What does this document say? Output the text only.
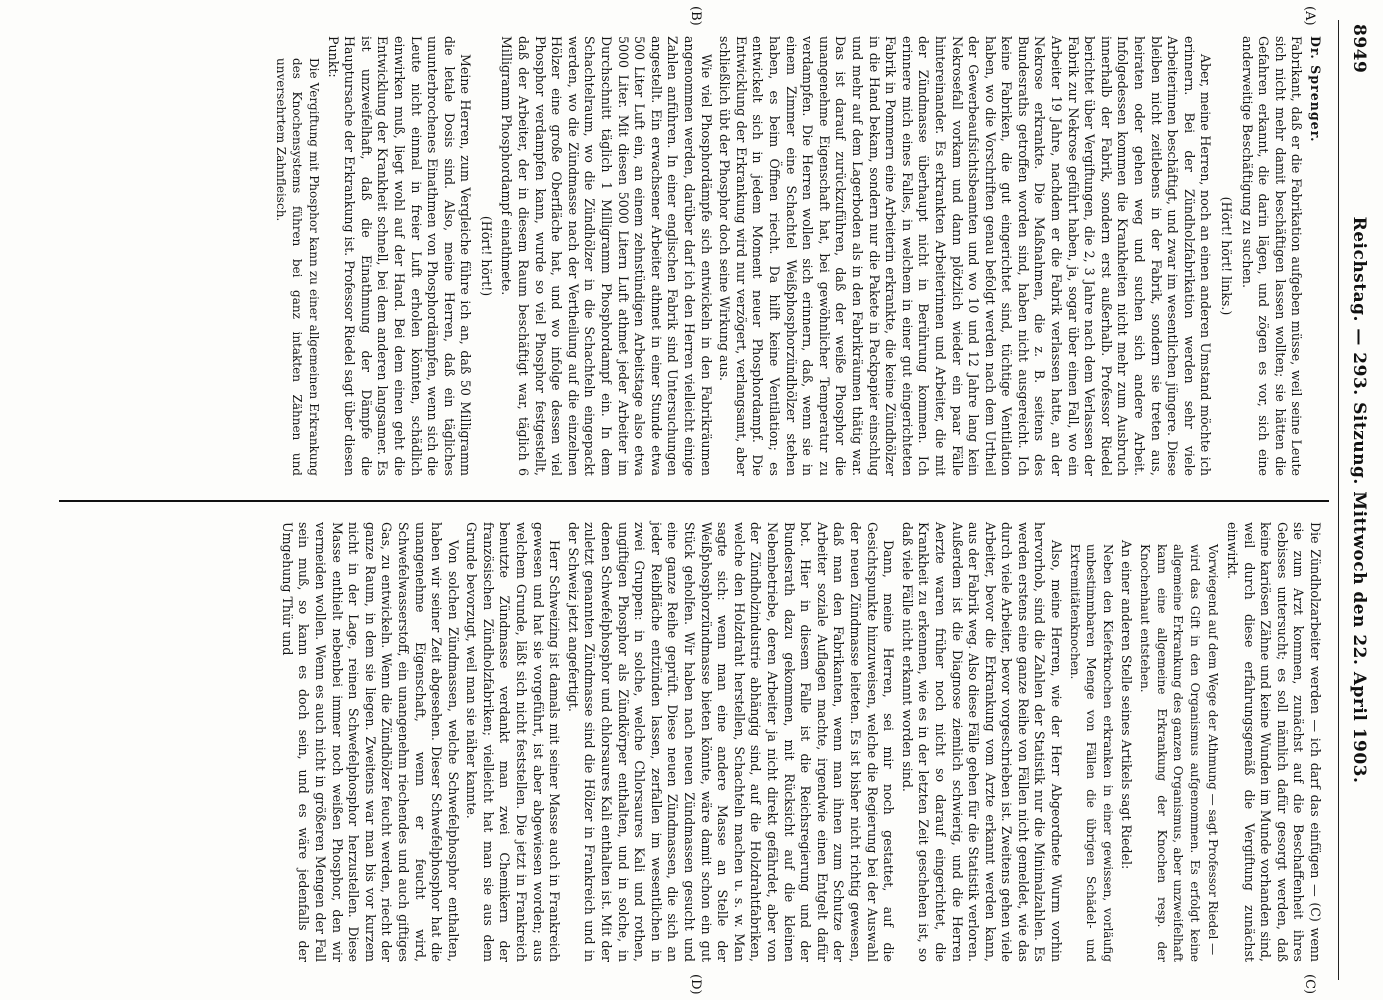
Reichstag. — 293. Sitzung. Mittwoch den 22. April 1903.
8949
(A)
(B)
(C)
(D)

Dr. Sprenger.

Fabrikant, daß er die Fabrikation aufgeben müsse, weil seine Leute sich nicht mehr damit beschäftigen lassen wollten; sie hätten die Gefahren erkannt, die darin lägen, und zögen es vor, sich eine anderweitige Beschäftigung zu suchen.

(Hört! hört! links.)

Aber, meine Herren, noch an einen anderen Umstand möchte ich erinnern. Bei der Zündholzfabrikation werden sehr viele Arbeiterinnen beschäftigt, und zwar im wesentlichen jüngere. Diese bleiben nicht zeitlebens in der Fabrik, sondern sie treten aus, heiraten oder gehen weg und suchen sich andere Arbeit. Infolgedessen kommen die Krankheiten nicht mehr zum Ausbruch innerhalb der Fabrik, sondern erst außerhalb. Professor Riedel berichtet über Vergiftungen, die 2, 3 Jahre nach dem Verlassen der Fabrik zur Nekrose geführt haben, ja, sogar über einen Fall, wo ein Arbeiter 19 Jahre, nachdem er die Fabrik verlassen hatte, an der Nekrose erkrankte. Die Maßnahmen, die z. B. seitens des Bundesraths getroffen worden sind, haben nicht ausgereicht. Ich keine Fabriken, die gut eingerichtet sind, tüchtige Ventilation haben, wo die Vorschriften genau befolgt werden nach dem Urtheil der Gewerbeaufsichtsbeamten und wo 10 und 12 Jahre lang kein Nekrosefall vorkam und dann plötzlich wieder ein paar Fälle hintereinander. Es erkrankten Arbeiterinnen und Arbeiter, die mit der Zündmasse überhaupt nicht in Berührung kommen. Ich erinnere mich eines Falles, in welchem in einer gut eingerichteten Fabrik in Pommern eine Arbeiterin erkrankte, die keine Zündhölzer in die Hand bekam, sondern nur die Pakete in Packpapier einschlug und mehr auf dem Lagerboden als in den Fabrikräumen thätig war. Das ist darauf zurückzuführen, daß der weiße Phosphor die unangenehme Eigenschaft hat, bei gewöhnlicher Temperatur zu verdampfen. Die Herren wollen sich erinnern, daß, wenn sie in einem Zimmer eine Schachtel Weißphosphorzündhölzer stehen haben, es beim Öffnen riecht. Da hilft keine Ventilation; es entwickelt sich in jedem Moment neuer Phosphordampf. Die Entwicklung der Erkrankung wird nur verzögert, verlangsamt, aber schließlich übt der Phosphor doch seine Wirkung aus.

Wie viel Phosphordämpfe sich entwickeln in den Fabrikräumen angenommen werden, darüber darf ich den Herren vielleicht einige Zahlen anführen. In einer englischen Fabrik sind Untersuchungen angestellt. Ein erwachsener Arbeiter athmet in einer Stunde etwa 500 Liter Luft ein, an einem zehnstündigen Arbeitstage also etwa 5000 Liter. Mit diesen 5000 Litern Luft athmet jeder Arbeiter im Durchschnitt täglich 1 Milligramm Phosphordampf ein. In dem Schachtelraum, wo die Zündhölzer in die Schachteln eingepackt werden, wo die Zündmasse nach der Vertheilung auf die einzelnen Hölzer eine große Oberfläche hat, und wo infolge dessen viel Phosphor verdampfen kann, wurde so viel Phosphor festgestellt, daß der Arbeiter, der in diesem Raum beschäftigt war, täglich 6 Milligramm Phosphordampf einathmete.

(Hört! hört!)

Meine Herren, zum Vergleiche führe ich an, daß 50 Milligramm die letale Dosis sind. Also, meine Herren, daß ein tägliches ununterbrochenes Einathmen von Phosphordämpfen, wenn sich die Leute nicht einmal in freier Luft erholen könnten, schädlich einwirken muß, liegt wohl auf der Hand. Bei dem einen geht die Entwicklung der Krankheit schnell, bei dem anderen langsamer. Es ist unzweifelhaft, daß die Einathmung der Dämpfe die Hauptursache der Erkrankung ist. Professor Riedel sagt über diesen Punkt:

Die Vergiftung mit Phosphor kann zu einer allgemeinen Erkrankung des Knochensystems führen bei ganz intakten Zähnen und unversehrtem Zahnfleisch.

Die Zündholzarbeiter werden — ich darf das einfügen — (C) wenn sie zum Arzt kommen, zunächst auf die Beschaffenheit ihres Gebisses untersucht; es soll nämlich dafür gesorgt werden, daß keine kariösen Zähne und keine Wunden im Munde vorhanden sind, weil durch diese erfahrungsgemäß die Vergiftung zunächst einwirkt.

Vorwiegend auf dem Wege der Athmung — sagt Professor Riedel —

wird das Gift in den Organismus aufgenommen. Es erfolgt keine allgemeine Erkrankung des ganzen Organismus, aber unzweifelhaft kann eine allgemeine Erkrankung der Knochen resp. der Knochenhaut entstehen.

An einer anderen Stelle seines Artikels sagt Riedel:

Neben den Kieferknochen erkranken in einer gewissen, vorläufig unbestimmbaren Menge von Fällen die übrigen Schädel- und Extremitätenknochen.

Also, meine Herren, wie der Herr Abgeordnete Wurm vorhin hervorhob, sind die Zahlen der Statistik nur die Minimalzahlen. Es werden erstens eine ganze Reihe von Fällen nicht gemeldet, wie das durch viele Arbeiter, bevor vorgeschrieben ist. Zweitens gehen viele Arbeiter, bevor die Erkrankung vom Arzte erkannt werden kann, aus der Fabrik weg. Also diese Fälle gehen für die Statistik verloren. Außerdem ist die Diagnose ziemlich schwierig, und die Herren Aerzte waren früher noch nicht so darauf eingerichtet, die Krankheit zu erkennen, wie es in der letzten Zeit geschehen ist, so daß viele Fälle nicht erkannt worden sind.

Dann, meine Herren, sei mir noch gestattet, auf die Gesichtspunkte hinzuweisen, welche die Regierung bei der Auswahl der neuen Zündmasse leiteten. Es ist bisher nicht richtig gewesen, daß man den Fabrikanten, wenn man ihnen zum Schutze der Arbeiter soziale Auflagen machte, irgendwie einen Entgelt dafür bot. Hier in diesem Falle ist die Reichsregierung und der Bundesrath dazu gekommen, mit Rücksicht auf die kleinen Nebenbetriebe, deren Arbeiter ja nicht direkt gefährdet, aber von der Zündholzindustrie abhängig sind, auf die Holzdrahtfabriken, welche den Holzdraht herstellen, Schachteln machen u. s. w. Man sagte sich: wenn man eine andere Masse an Stelle der Weißphosphorzündmasse bieten könnte, wäre damit schon ein gut Stück geholfen. Wir haben nach neuen Zündmassen gesucht und eine ganze Reihe geprüft. Diese neuen Zündmassen, die sich an jeder Reibfläche entzünden lassen, zerfallen im wesentlichen in zwei Gruppen: in solche, welche Chlorsaures Kali und rothen, ungiftigen Phosphor als Zündkörper enthalten, und in solche, in denen Schwefelphosphor und chlorsaures Kali enthalten ist. Mit der zuletzt genannten Zündmasse sind die Hölzer in Frankreich und in der Schweiz jetzt angefertigt.

Herr Schweizing ist damals mit seiner Masse auch in Frankreich gewesen und hat sie vorgeführt, ist aber abgewiesen worden; aus welchem Grunde, läßt sich nicht feststellen. Die jetzt in Frankreich benutzte Zündmasse verdankt man zwei Chemikern der französischen Zündholzfabriken; vielleicht hat man sie aus dem Grunde bevorzugt, weil man sie näher kannte.

Von solchen Zündmassen, welche Schwefelphosphor enthalten, haben wir seiner Zeit abgesehen. Dieser Schwefelphosphor hat die unangenehme Eigenschaft, wenn er feucht wird, Schwefelwasserstoff, ein unangenehm riechendes und auch giftiges Gas, zu entwickeln. Wenn die Zündhölzer feucht werden, riecht der ganze Raum, in dem sie liegen. Zweitens war man bis vor kurzem nicht in der Lage, reinen Schwefelphosphor herzustellen. Diese Masse enthielt nebenbei immer noch weißen Phosphor, den wir vermeiden wollen. Wenn es auch nicht in größeren Mengen der Fall sein muß, so kann es doch sein, und es wäre jedenfalls der Umgehung Thür und
